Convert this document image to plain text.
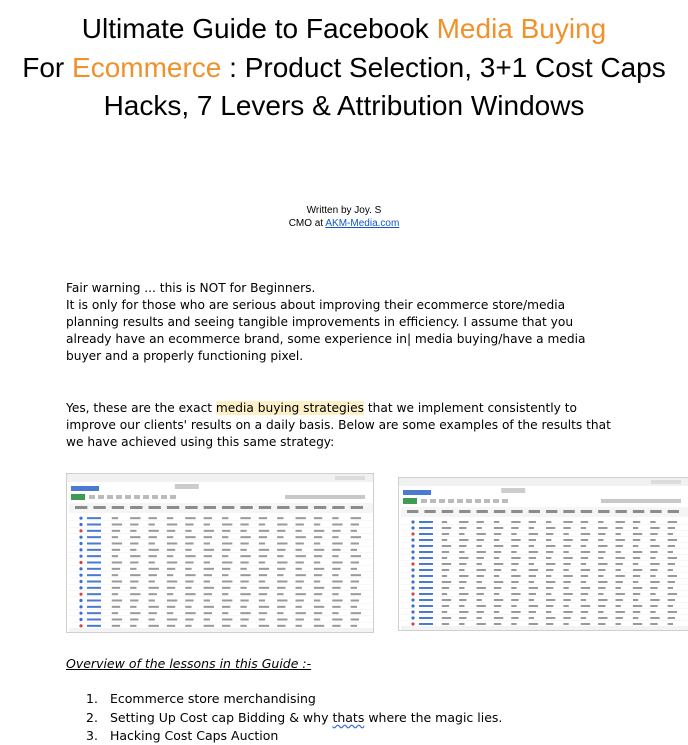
Ultimate Guide to Facebook Media Buying
For Ecommerce : Product Selection, 3+1 Cost Caps Hacks, 7 Levers & Attribution Windows
Written by Joy. S
CMO at AKM-Media.com
Fair warning ... this is NOT for Beginners.
It is only for those who are serious about improving their ecommerce store/media planning results and seeing tangible improvements in efficiency. I assume that you already have an ecommerce brand, some experience in| media buying/have a media buyer and a properly functioning pixel.
Yes, these are the exact media buying strategies that we implement consistently to improve our clients' results on a daily basis. Below are some examples of the results that we have achieved using this same strategy:
Overview of the lessons in this Guide :-
1. Ecommerce store merchandising
2. Setting Up Cost cap Bidding & why thats where the magic lies.
3. Hacking Cost Caps Auction
